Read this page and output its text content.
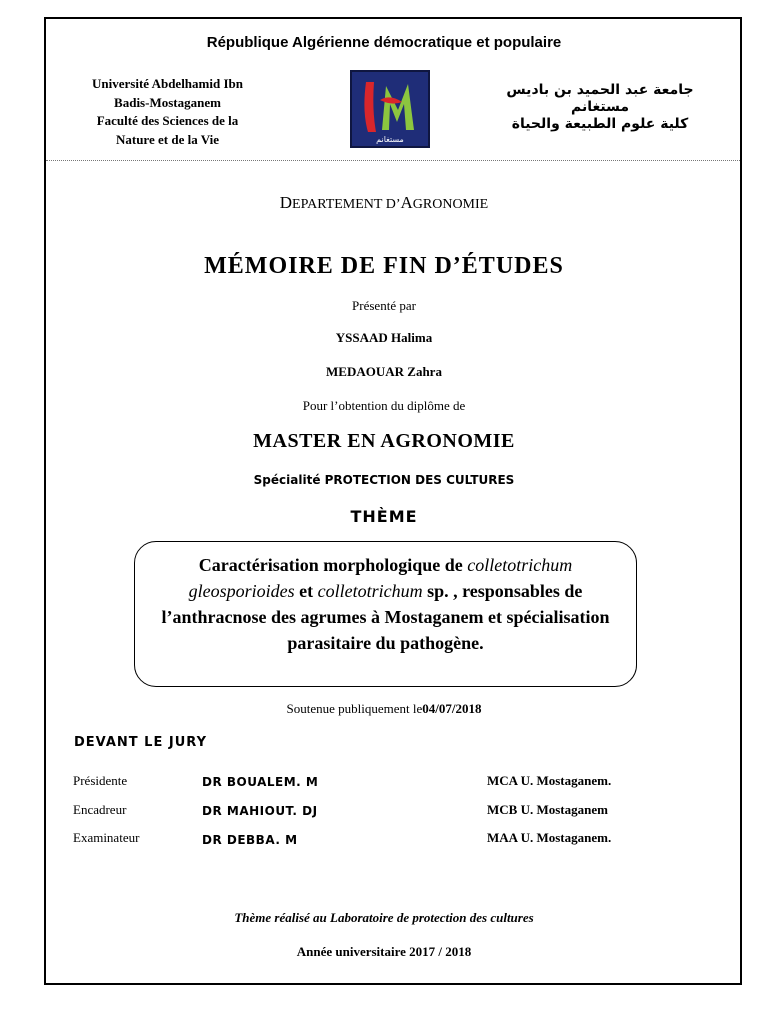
République Algérienne démocratique et populaire
Université Abdelhamid Ibn
Badis-Mostaganem
Faculté des Sciences de la
Nature et de la Vie	مستغانم
جامعة عبد الحميد بن باديس
مستغانم
كلية علوم الطبيعة والحياة
DEPARTEMENT D’AGRONOMIE
MÉMOIRE DE FIN D’ÉTUDES
Présenté par
YSSAAD Halima
MEDAOUAR Zahra
Pour l’obtention du diplôme de
MASTER EN AGRONOMIE
Spécialité PROTECTION DES CULTURES
THÈME
Caractérisation morphologique de colletotrichum gleosporioides et colletotrichum sp. , responsables de l’anthracnose des agrumes à Mostaganem et spécialisation parasitaire du pathogène.
Soutenue publiquement le04/07/2018
DEVANT LE JURY
Présidente	DR BOUALEM. M	MCA U. Mostaganem.
Encadreur	DR MAHIOUT. DJ	MCB U. Mostaganem
Examinateur	DR DEBBA. M	MAA U. Mostaganem.
Thème réalisé au Laboratoire de protection des cultures
Année universitaire 2017 / 2018
